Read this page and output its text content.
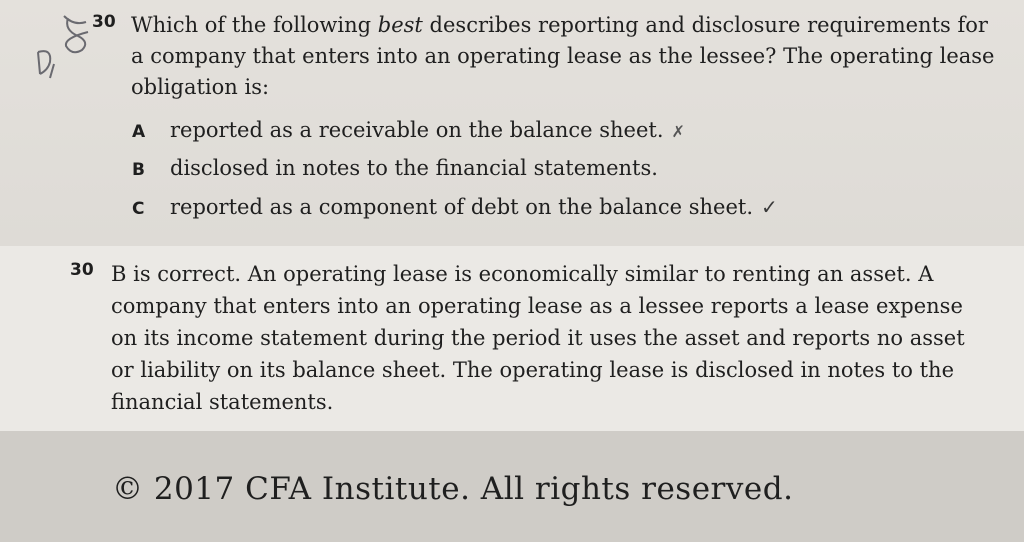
30 Which of the following best describes reporting and disclosure requirements for a company that enters into an operating lease as the lessee? The operating lease obligation is:

A reported as a receivable on the balance sheet. ✗
B disclosed in notes to the financial statements.
C reported as a component of debt on the balance sheet. ✓
30 B is correct. An operating lease is economically similar to renting an asset. A company that enters into an operating lease as a lessee reports a lease expense on its income statement during the period it uses the asset and reports no asset or liability on its balance sheet. The operating lease is disclosed in notes to the financial statements.

© 2017 CFA Institute. All rights reserved.
